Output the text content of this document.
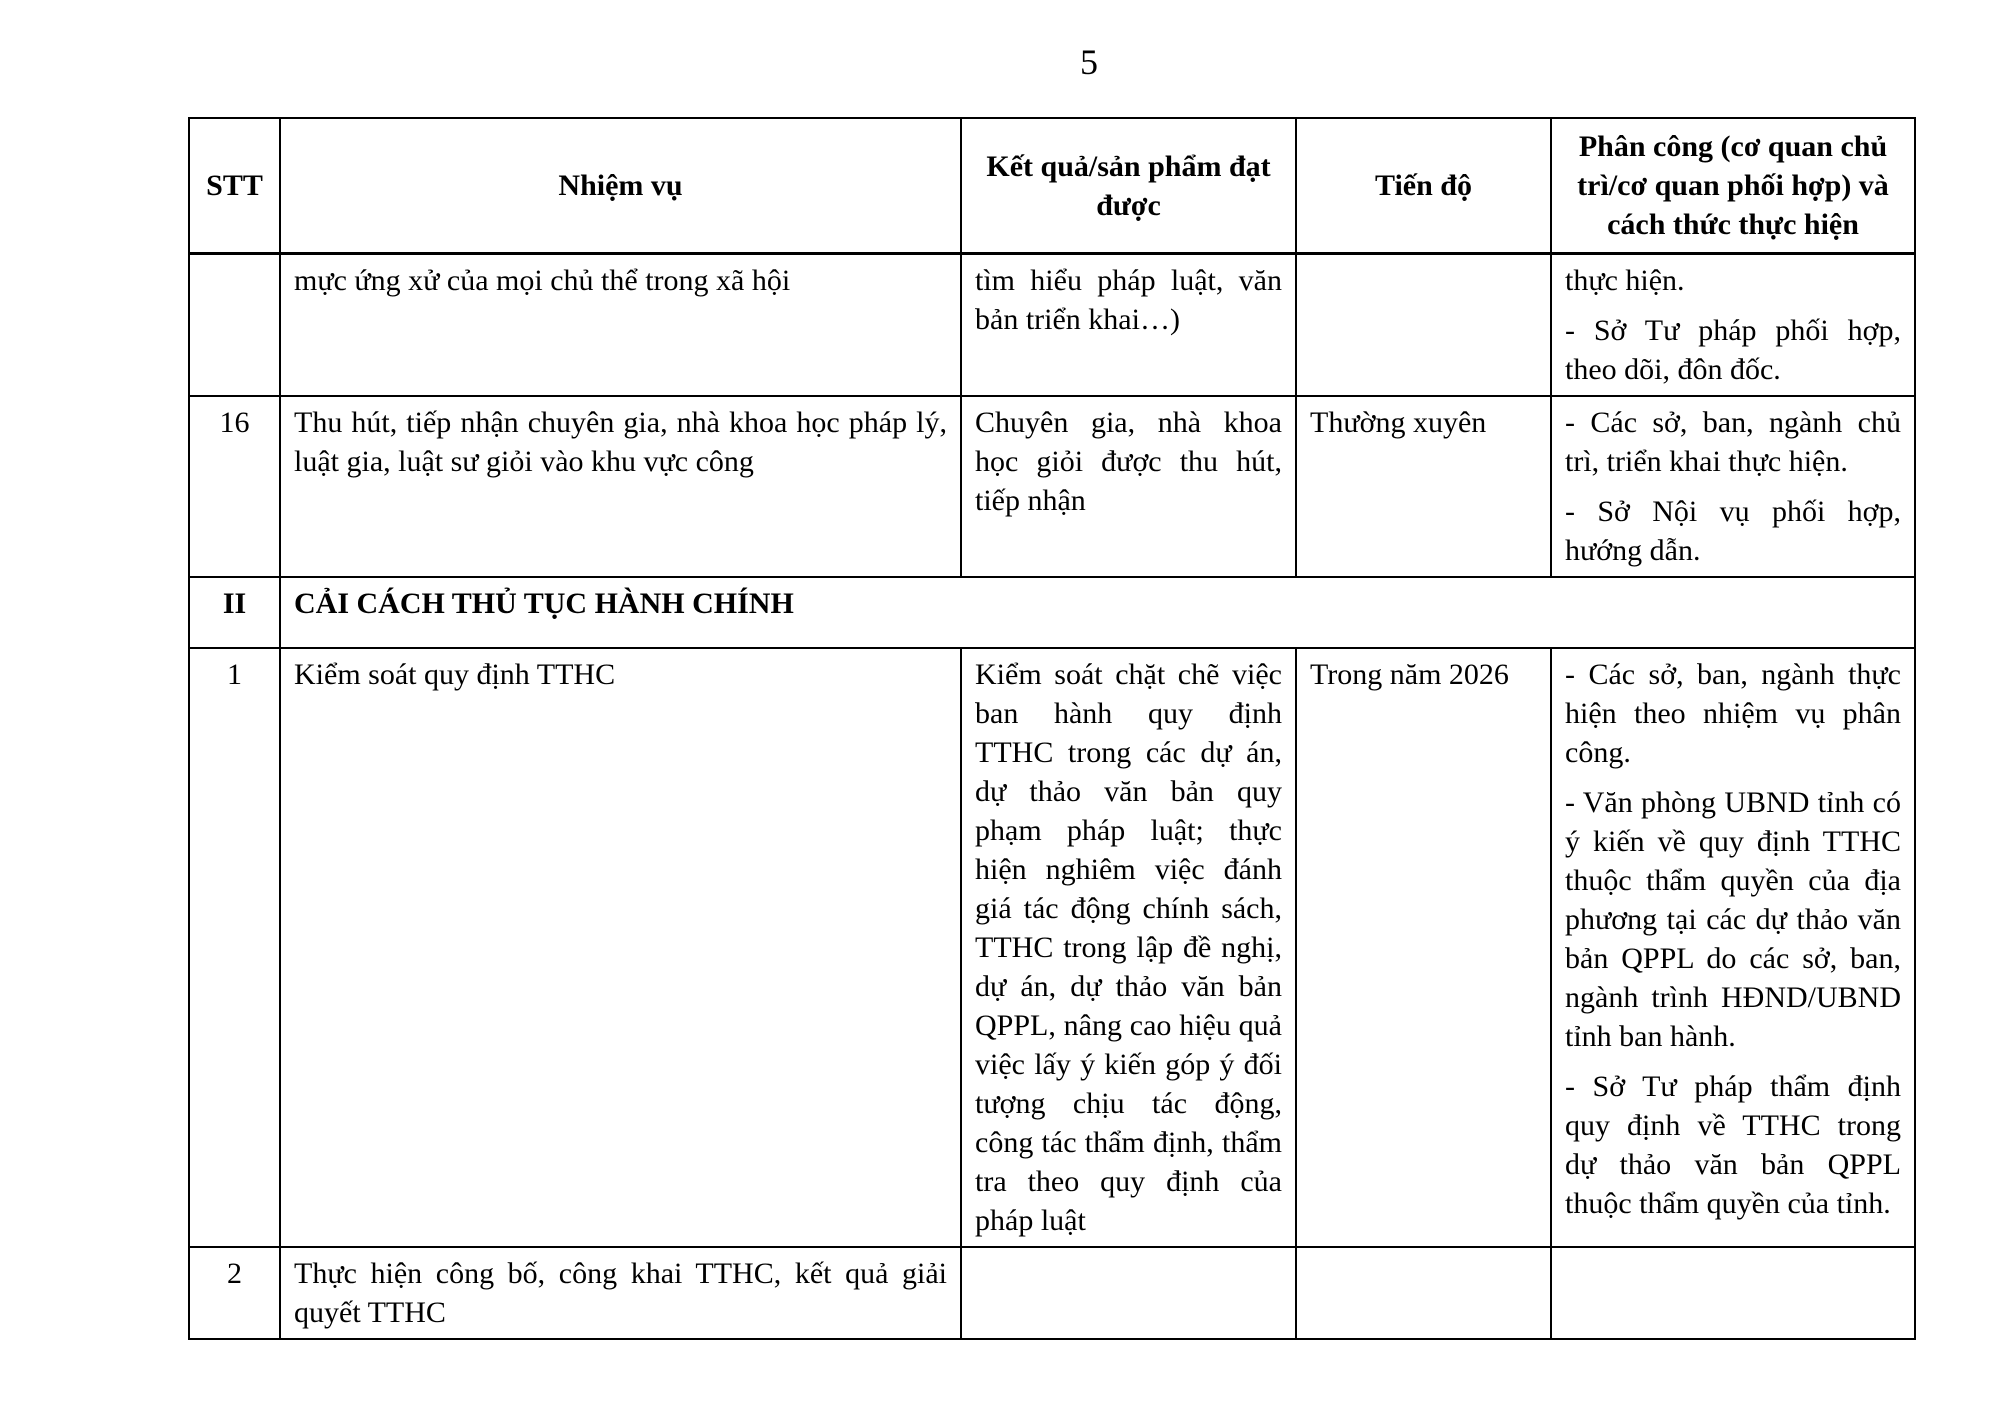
5
STT	Nhiệm vụ	Kết quả/sản phẩm đạt được	Tiến độ	Phân công (cơ quan chủ trì/cơ quan phối hợp) và cách thức thực hiện
	mực ứng xử của mọi chủ thể trong xã hội	tìm hiểu pháp luật, văn bản triển khai…)		thực hiện.

- Sở Tư pháp phối hợp, theo dõi, đôn đốc.

16	Thu hút, tiếp nhận chuyên gia, nhà khoa học pháp lý, luật gia, luật sư giỏi vào khu vực công	Chuyên gia, nhà khoa học giỏi được thu hút, tiếp nhận	Thường xuyên	- Các sở, ban, ngành chủ trì, triển khai thực hiện.

- Sở Nội vụ phối hợp, hướng dẫn.

II	CẢI CÁCH THỦ TỤC HÀNH CHÍNH			
1	Kiểm soát quy định TTHC	Kiểm soát chặt chẽ việc ban hành quy định TTHC trong các dự án, dự thảo văn bản quy phạm pháp luật; thực hiện nghiêm việc đánh giá tác động chính sách, TTHC trong lập đề nghị, dự án, dự thảo văn bản QPPL, nâng cao hiệu quả việc lấy ý kiến góp ý đối tượng chịu tác động, công tác thẩm định, thẩm tra theo quy định của pháp luật	Trong năm 2026	- Các sở, ban, ngành thực hiện theo nhiệm vụ phân công.

- Văn phòng UBND tỉnh có ý kiến về quy định TTHC thuộc thẩm quyền của địa phương tại các dự thảo văn bản QPPL do các sở, ban, ngành trình HĐND/UBND tỉnh ban hành.

- Sở Tư pháp thẩm định quy định về TTHC trong dự thảo văn bản QPPL thuộc thẩm quyền của tỉnh.

2	Thực hiện công bố, công khai TTHC, kết quả giải quyết TTHC			
